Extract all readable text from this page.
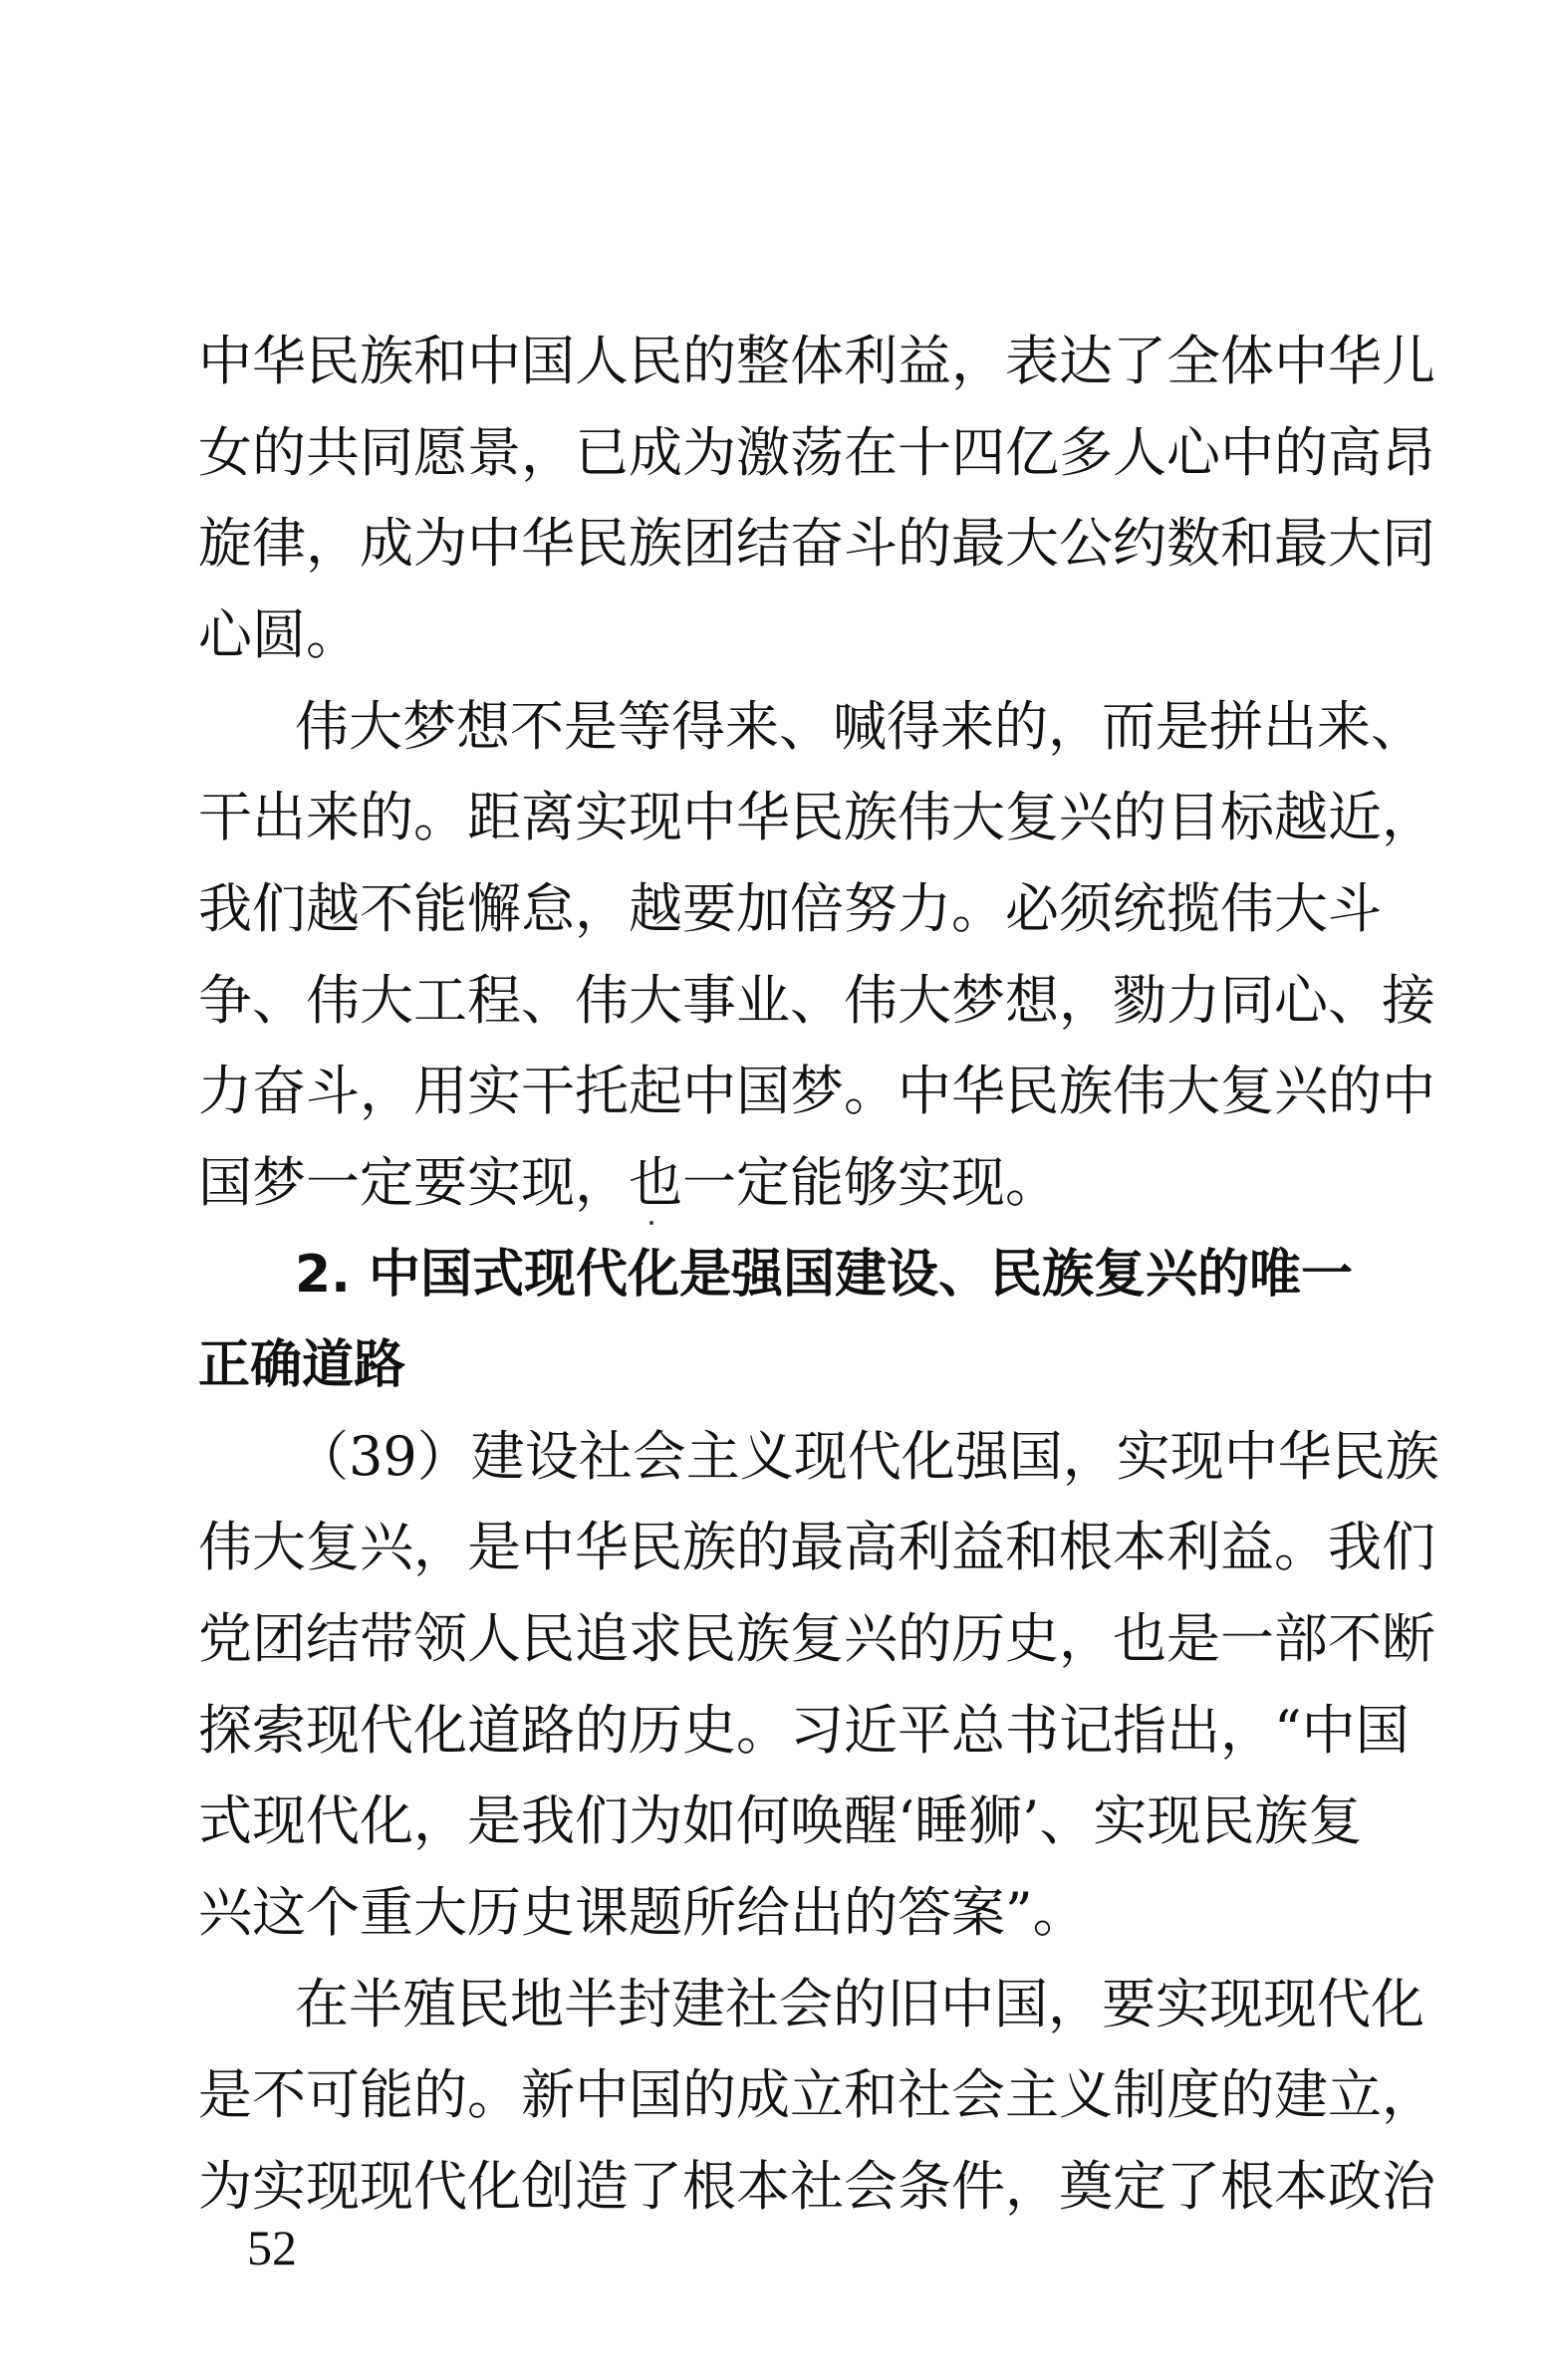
中华民族和中国人民的整体利益，表达了全体中华儿
女的共同愿景，已成为激荡在十四亿多人心中的高昂
旋律，成为中华民族团结奋斗的最大公约数和最大同
心圆。
伟大梦想不是等得来、喊得来的，而是拼出来、
干出来的。距离实现中华民族伟大复兴的目标越近，
我们越不能懈怠，越要加倍努力。必须统揽伟大斗
争、伟大工程、伟大事业、伟大梦想，勠力同心、接
力奋斗，用实干托起中国梦。中华民族伟大复兴的中
国梦一定要实现，也一定能够实现。
2. 中国式现代化是强国建设、民族复兴的唯一
正确道路
（39）建设社会主义现代化强国，实现中华民族
伟大复兴，是中华民族的最高利益和根本利益。我们
党团结带领人民追求民族复兴的历史，也是一部不断
探索现代化道路的历史。习近平总书记指出，“中国
式现代化，是我们为如何唤醒‘睡狮’、实现民族复
兴这个重大历史课题所给出的答案”。
在半殖民地半封建社会的旧中国，要实现现代化
是不可能的。新中国的成立和社会主义制度的建立，
为实现现代化创造了根本社会条件，奠定了根本政治
52
